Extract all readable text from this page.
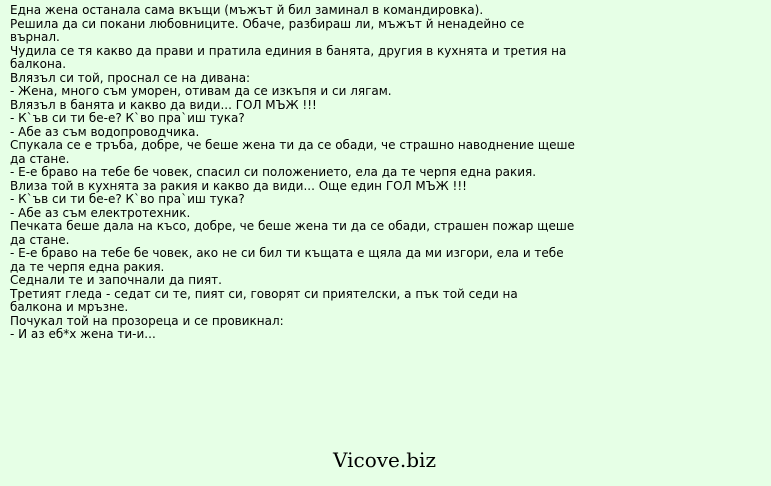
Една жена останала сама вкъщи (мъжът й бил заминал в командировка).
Решила да си покани любовниците. Обаче, разбираш ли, мъжът й ненадейно се
върнал.
Чудила се тя какво да прави и пратила единия в банята, другия в кухнята и третия на
балкона.
Влязъл си той, проснал се на дивана:
- Жена, много съм уморен, отивам да се изкъпя и си лягам.
Влязъл в банята и какво да види... ГОЛ МЪЖ !!!
- К`ъв си ти бе-е? К`во пра`иш тука?
- Абе аз съм водопроводчика.
Спукала се е тръба, добре, че беше жена ти да се обади, че страшно наводнение щеше
да стане.
- Е-е браво на тебе бе човек, спасил си положението, ела да те черпя една ракия.
Влиза той в кухнята за ракия и какво да види... Още един ГОЛ МЪЖ !!!
- К`ъв си ти бе-е? К`во пра`иш тука?
- Абе аз съм електротехник.
Печката беше дала на късо, добре, че беше жена ти да се обади, страшен пожар щеше
да стане.
- Е-е браво на тебе бе човек, ако не си бил ти къщата е щяла да ми изгори, ела и тебе
да те черпя една ракия.
Седнали те и започнали да пият.
Третият гледа - седат си те, пият си, говорят си приятелски, а пък той седи на
балкона и мръзне.
Почукал той на прозореца и се провикнал:
- И аз еб*х жена ти-и...
Vicove.biz
